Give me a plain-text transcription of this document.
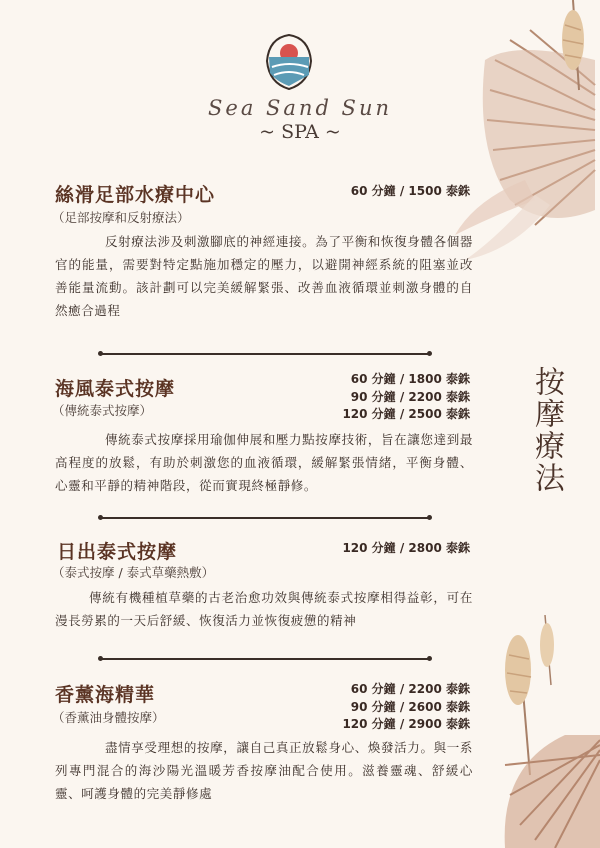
Sea Sand Sun
~ SPA ~
按摩療法
絲滑足部水療中心
（足部按摩和反射療法）
60 分鐘 / 1500 泰銖
反射療法涉及刺激腳底的神經連接。為了平衡和恢復身體各個器官的能量，需要對特定點施加穩定的壓力，以避開神經系統的阻塞並改善能量流動。該計劃可以完美緩解緊張、改善血液循環並刺激身體的自然癒合過程
海風泰式按摩
（傳統泰式按摩）
60 分鐘 / 1800 泰銖
90 分鐘 / 2200 泰銖
120 分鐘 / 2500 泰銖
傳統泰式按摩採用瑜伽伸展和壓力點按摩技術，旨在讓您達到最高程度的放鬆，有助於刺激您的血液循環，緩解緊張情緒，平衡身體、心靈和平靜的精神階段，從而實現終極靜修。
日出泰式按摩
（泰式按摩 / 泰式草藥熱敷）
120 分鐘 / 2800 泰銖
傳統有機種植草藥的古老治愈功效與傳統泰式按摩相得益彰，可在漫長勞累的一天后舒緩、恢復活力並恢復疲憊的精神
香薰海精華
（香薰油身體按摩）
60 分鐘 / 2200 泰銖
90 分鐘 / 2600 泰銖
120 分鐘 / 2900 泰銖
盡情享受理想的按摩，讓自己真正放鬆身心、煥發活力。與一系列專門混合的海沙陽光溫暖芳香按摩油配合使用。滋養靈魂、舒緩心靈、呵護身體的完美靜修處
